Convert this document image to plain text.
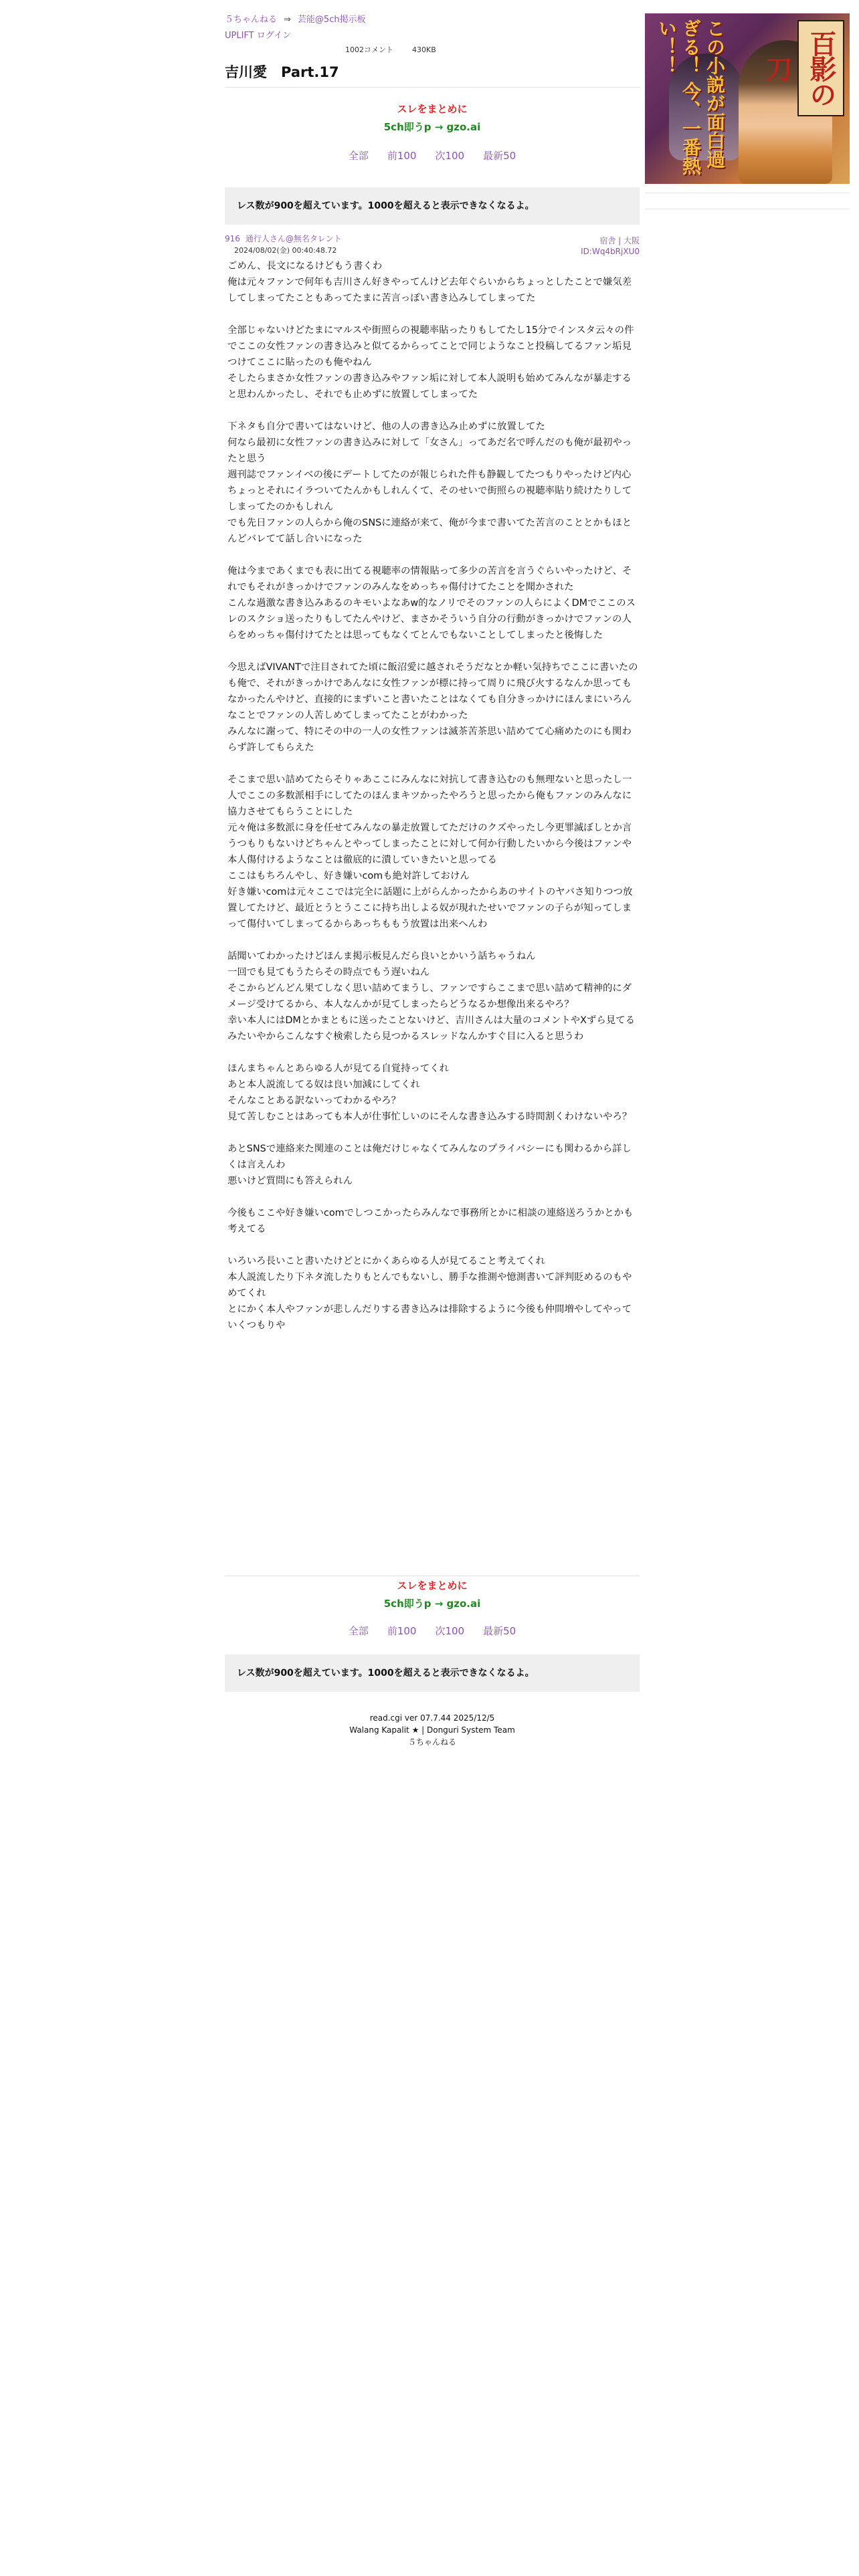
５ちゃんねる ⇒ 芸能@5ch掲示板
UPLIFT ログイン
1002コメント	430KB
吉川愛　Part.17
スレをまとめに
5ch即うp → gzo.ai
全部 前100 次100 最新50
レス数が900を超えています。1000を超えると表示できなくなるよ。
916 通行人さん@無名タレント
2024/08/02(金) 00:40:48.72
宿舎 | 大阪
ID:Wq4bRjXU0

ごめん、長文になるけどもう書くわ
俺は元々ファンで何年も吉川さん好きやってんけど去年ぐらいからちょっとしたことで嫌気差してしまってたこともあってたまに苦言っぽい書き込みしてしまってた

全部じゃないけどたまにマルスや街照らの視聴率貼ったりもしてたし15分でインスタ云々の件でここの女性ファンの書き込みと似てるからってことで同じようなこと投稿してるファン垢見つけてここに貼ったのも俺やねん
そしたらまさか女性ファンの書き込みやファン垢に対して本人説明も始めてみんなが暴走すると思わんかったし、それでも止めずに放置してしまってた

下ネタも自分で書いてはないけど、他の人の書き込み止めずに放置してた
何なら最初に女性ファンの書き込みに対して「女さん」ってあだ名で呼んだのも俺が最初やったと思う
週刊誌でファンイベの後にデートしてたのが報じられた件も静観してたつもりやったけど内心ちょっとそれにイラついてたんかもしれんくて、そのせいで街照らの視聴率貼り続けたりしてしまってたのかもしれん
でも先日ファンの人らから俺のSNSに連絡が来て、俺が今まで書いてた苦言のこととかもほとんどバレてて話し合いになった

俺は今まであくまでも表に出てる視聴率の情報貼って多少の苦言を言うぐらいやったけど、それでもそれがきっかけでファンのみんなをめっちゃ傷付けてたことを聞かされた
こんな過激な書き込みあるのキモいよなあw的なノリでそのファンの人らによくDMでここのスレのスクショ送ったりもしてたんやけど、まさかそういう自分の行動がきっかけでファンの人らをめっちゃ傷付けてたとは思ってもなくてとんでもないことしてしまったと後悔した

今思えばVIVANTで注目されてた頃に飯沼愛に越されそうだなとか軽い気持ちでここに書いたのも俺で、それがきっかけであんなに女性ファンが標に持って周りに飛び火するなんか思ってもなかったんやけど、直接的にまずいこと書いたことはなくても自分きっかけにほんまにいろんなことでファンの人苦しめてしまってたことがわかった
みんなに謝って、特にその中の一人の女性ファンは滅茶苦茶思い詰めてて心痛めたのにも関わらず許してもらえた

そこまで思い詰めてたらそりゃあここにみんなに対抗して書き込むのも無理ないと思ったし一人でここの多数派相手にしてたのほんまキツかったやろうと思ったから俺もファンのみんなに協力させてもらうことにした
元々俺は多数派に身を任せてみんなの暴走放置してただけのクズやったし今更罪滅ぼしとか言うつもりもないけどちゃんとやってしまったことに対して何か行動したいから今後はファンや本人傷付けるようなことは徹底的に潰していきたいと思ってる
ここはもちろんやし、好き嫌いcomも絶対許しておけん
好き嫌いcomは元々ここでは完全に話題に上がらんかったからあのサイトのヤバさ知りつつ放置してたけど、最近とうとうここに持ち出しよる奴が現れたせいでファンの子らが知ってしまって傷付いてしまってるからあっちももう放置は出来へんわ

話聞いてわかったけどほんま掲示板見んだら良いとかいう話ちゃうねん
一回でも見てもうたらその時点でもう遅いねん
そこからどんどん果てしなく思い詰めてまうし、ファンですらここまで思い詰めて精神的にダメージ受けてるから、本人なんかが見てしまったらどうなるか想像出来るやろ？
幸い本人にはDMとかまともに送ったことないけど、吉川さんは大量のコメントやXずら見てるみたいやからこんなすぐ検索したら見つかるスレッドなんかすぐ目に入ると思うわ

ほんまちゃんとあらゆる人が見てる自覚持ってくれ
あと本人説流してる奴は良い加減にしてくれ
そんなことある訳ないってわかるやろ？
見て苦しむことはあっても本人が仕事忙しいのにそんな書き込みする時間割くわけないやろ？

あとSNSで連絡来た関連のことは俺だけじゃなくてみんなのプライバシーにも関わるから詳しくは言えんわ
悪いけど質問にも答えられん

今後もここや好き嫌いcomでしつこかったらみんなで事務所とかに相談の連絡送ろうかとかも考えてる

いろいろ長いこと書いたけどとにかくあらゆる人が見てること考えてくれ
本人説流したり下ネタ流したりもとんでもないし、勝手な推測や憶測書いて評判貶めるのもやめてくれ
とにかく本人やファンが悲しんだりする書き込みは排除するように今後も仲間増やしてやっていくつもりや

スレをまとめに
5ch即うp → gzo.ai
全部 前100 次100 最新50
レス数が900を超えています。1000を超えると表示できなくなるよ。
read.cgi ver 07.7.44 2025/12/5
Walang Kapalit ★ | Donguri System Team
５ちゃんねる
この小説が面白過ぎる！ 今、一番熱い！！	百影の刀
